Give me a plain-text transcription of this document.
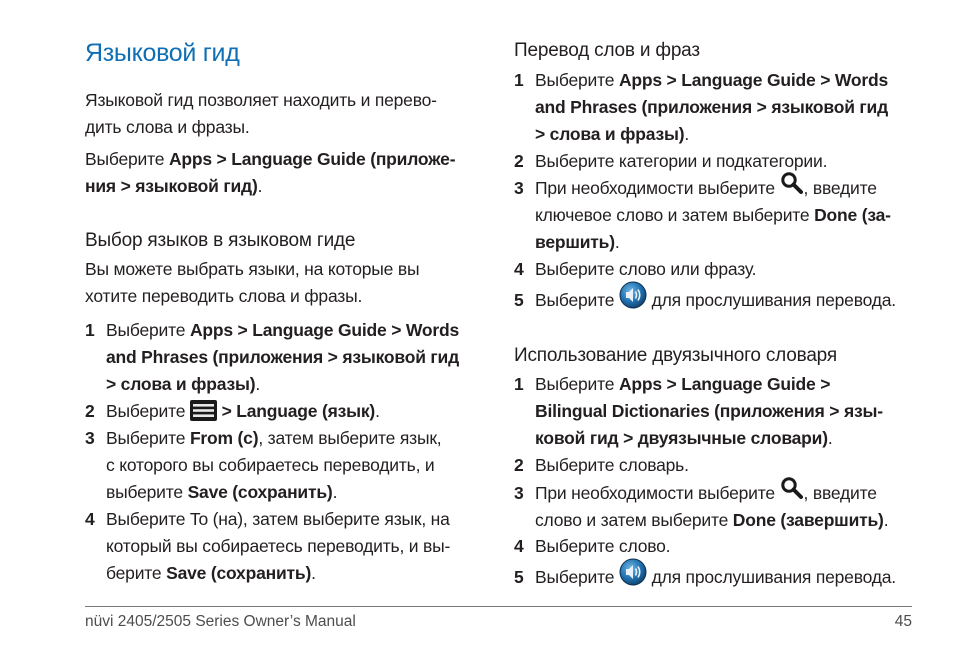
Языковой гид
Языковой гид позволяет находить и перево-
дить слова и фразы.
Выберите Apps > Language Guide (приложе-
ния > языковой гид).
Выбор языков в языковом гиде
Вы можете выбрать языки, на которые вы
хотите переводить слова и фразы.
1 Выберите Apps > Language Guide > Words
and Phrases (приложения > языковой гид
> слова и фразы).
2 Выберите  > Language (язык).
3 Выберите From (с), затем выберите язык,
с которого вы собираетесь переводить, и
выберите Save (сохранить).
4 Выберите To (на), затем выберите язык, на
который вы собираетесь переводить, и вы-
берите Save (сохранить).
Перевод слов и фраз
1 Выберите Apps > Language Guide > Words
and Phrases (приложения > языковой гид
> слова и фразы).
2 Выберите категории и подкатегории.
3 При необходимости выберите , введите
ключевое слово и затем выберите Done (за-
вершить).
4 Выберите слово или фразу.
5 Выберите  для прослушивания перевода.
Использование двуязычного словаря
1 Выберите Apps > Language Guide >
Bilingual Dictionaries (приложения > язы-
ковой гид > двуязычные словари).
2 Выберите словарь.
3 При необходимости выберите , введите
слово и затем выберите Done (завершить).
4 Выберите слово.
5 Выберите  для прослушивания перевода.
nüvi 2405/2505 Series Owner’s Manual	45
